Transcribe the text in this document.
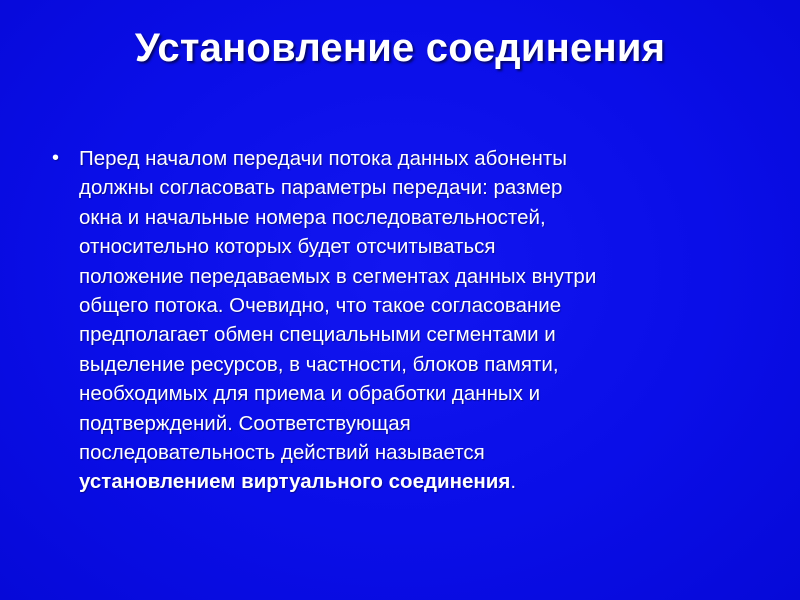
Установление соединения
• Перед началом передачи потока данных абоненты
должны согласовать параметры передачи: размер
окна и начальные номера последовательностей,
относительно которых будет отсчитываться
положение передаваемых в сегментах данных внутри
общего потока. Очевидно, что такое согласование
предполагает обмен специальными сегментами и
выделение ресурсов, в частности, блоков памяти,
необходимых для приема и обработки данных и
подтверждений. Соответствующая
последовательность действий называется
установлением виртуального соединения.
